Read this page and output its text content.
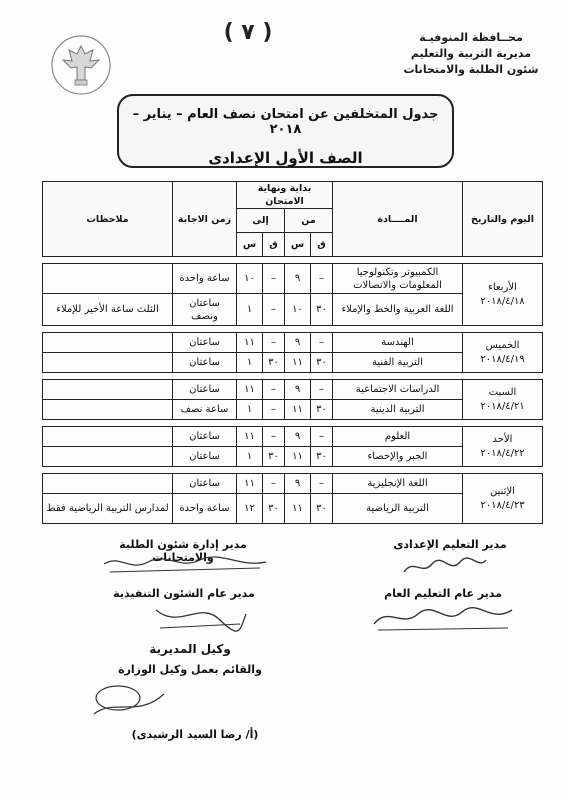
( ٧ )	محــافظة المنوفيـة
مديرية التربية والتعليم
شئون الطلبة والامتحانات
جدول المتخلفين عن امتحان نصف العام – يناير – ٢٠١٨
الصف الأول الإعدادى
اليوم والتاريخ	المــــادة	بداية ونهاية الامتحان				زمن الاجابة	ملاحظات
		من		إلى			
		ق	س	ق	س		

الأربعاء
٢٠١٨/٤/١٨	الكمبيوتر وتكنولوجيا المعلومات والاتصالات	–	٩	–	١٠	ساعة واحدة	
	اللغة العربية والخط والإملاء	٣٠	١٠	–	١	ساعتان ونصف	الثلث ساعة الأخير للإملاء

الخميس
٢٠١٨/٤/١٩	الهندسة	–	٩	–	١١	ساعتان	
	التربية الفنية	٣٠	١١	٣٠	١	ساعتان	

السبت
٢٠١٨/٤/٢١	الدراسات الاجتماعية	–	٩	–	١١	ساعتان	
	التربية الدينية	٣٠	١١	–	١	ساعة نصف	

الأحد
٢٠١٨/٤/٢٢	العلوم	–	٩	–	١١	ساعتان	
	الجبر والإحصاء	٣٠	١١	٣٠	١	ساعتان	

الإثنين
٢٠١٨/٤/٢٣	اللغة الإنجليزية	–	٩	–	١١	ساعتان	
	التربية الرياضية	٣٠	١١	٣٠	١٢	ساعة واحدة	لمدارس التربية الرياضية فقط
مدير التعليم الإعدادى
مدير إدارة شئون الطلبة والامتحانات
مدير عام التعليم العام
مدير عام الشئون التنفيذية
وكيل المديرية
والقائم بعمل وكيل الوزارة
(أ/ رضا السيد الرشيدى)
